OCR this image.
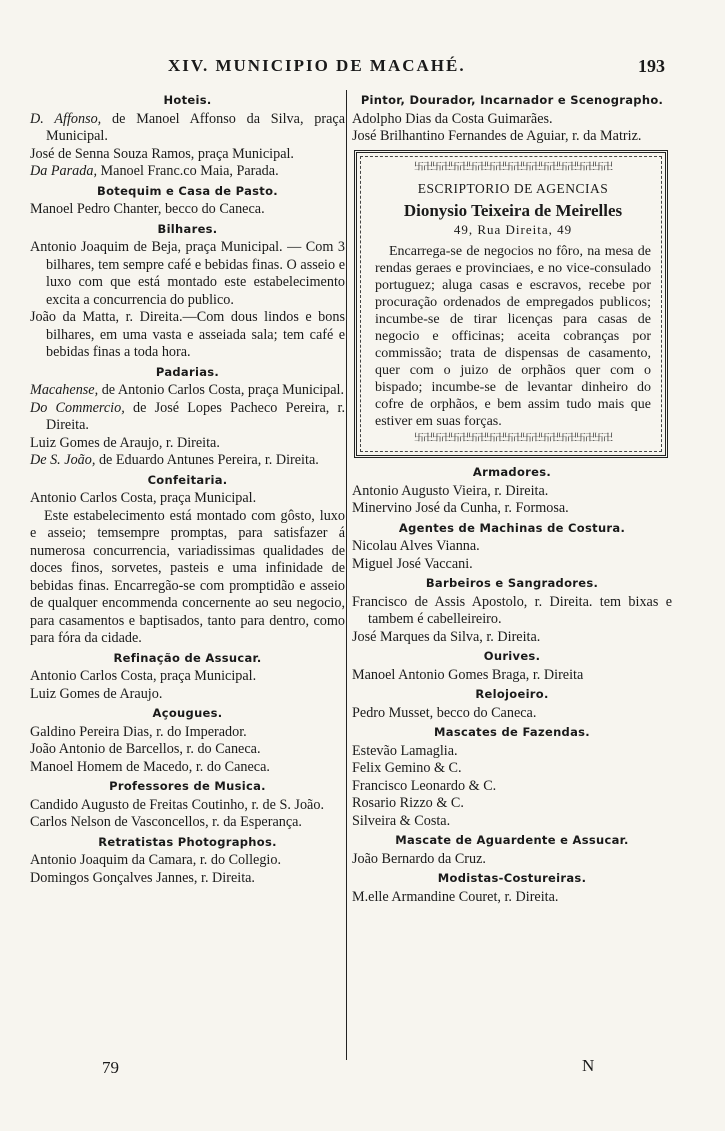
XIV. MUNICIPIO DE MACAHÉ.	193
Hoteis.
D. Affonso, de Manoel Affonso da Silva, praça Municipal.
José de Senna Souza Ramos, praça Municipal.
Da Parada, Manoel Franc.co Maia, Parada.
Botequim e Casa de Pasto.
Manoel Pedro Chanter, becco do Caneca.
Bilhares.
Antonio Joaquim de Beja, praça Municipal. — Com 3 bilhares, tem sempre café e bebidas finas. O asseio e luxo com que está montado este estabelecimento excita a concurrencia do publico.
João da Matta, r. Direita.—Com dous lindos e bons bilhares, em uma vasta e asseiada sala; tem café e bebidas finas a toda hora.
Padarias.
Macahense, de Antonio Carlos Costa, praça Municipal.
Do Commercio, de José Lopes Pacheco Pereira, r. Direita.
Luiz Gomes de Araujo, r. Direita.
De S. João, de Eduardo Antunes Pereira, r. Direita.
Confeitaria.
Antonio Carlos Costa, praça Municipal.
Este estabelecimento está montado com gôsto, luxo e asseio; temsempre promptas, para satisfazer á numerosa concurrencia, variadissimas qualidades de doces finos, sorvetes, pasteis e uma infinidade de bebidas finas. Encarregão-se com promptidão e asseio de qualquer encommenda concernente ao seu negocio, para casamentos e baptisados, tanto para dentro, como para fóra da cidade.
Refinação de Assucar.
Antonio Carlos Costa, praça Municipal.
Luiz Gomes de Araujo.
Açougues.
Galdino Pereira Dias, r. do Imperador.
João Antonio de Barcellos, r. do Caneca.
Manoel Homem de Macedo, r. do Caneca.
Professores de Musica.
Candido Augusto de Freitas Coutinho, r. de S. João.
Carlos Nelson de Vasconcellos, r. da Esperança.
Retratistas Photographos.
Antonio Joaquim da Camara, r. do Collegio.
Domingos Gonçalves Jannes, r. Direita.
Pintor, Dourador, Incarnador e Scenographo.
Adolpho Dias da Costa Guimarães.
José Brilhantino Fernandes de Aguiar, r. da Matriz.
卐卍卐卍卐卍卐卍卐卍卐卍卐卍卐卍卐卍卐卍卐卍
ESCRIPTORIO DE AGENCIAS
Dionysio Teixeira de Meirelles
49, Rua Direita, 49
Encarrega-se de negocios no fôro, na mesa de rendas geraes e provinciaes, e no vice-consulado portuguez; aluga casas e escravos, recebe por procuração ordenados de empregados publicos; incumbe-se de tirar licenças para casas de negocio e officinas; aceita cobranças por commissão; trata de dispensas de casamento, quer com o juizo de orphãos quer com o bispado; incumbe-se de levantar dinheiro do cofre de orphãos, e bem assim tudo mais que estiver em suas forças.
卐卍卐卍卐卍卐卍卐卍卐卍卐卍卐卍卐卍卐卍卐卍
Armadores.
Antonio Augusto Vieira, r. Direita.
Minervino José da Cunha, r. Formosa.
Agentes de Machinas de Costura.
Nicolau Alves Vianna.
Miguel José Vaccani.
Barbeiros e Sangradores.
Francisco de Assis Apostolo, r. Direita. tem bixas e tambem é cabelleireiro.
José Marques da Silva, r. Direita.
Ourives.
Manoel Antonio Gomes Braga, r. Direita
Relojoeiro.
Pedro Musset, becco do Caneca.
Mascates de Fazendas.
Estevão Lamaglia.
Felix Gemino & C.
Francisco Leonardo & C.
Rosario Rizzo & C.
Silveira & Costa.
Mascate de Aguardente e Assucar.
João Bernardo da Cruz.
Modistas-Costureiras.
M.elle Armandine Couret, r. Direita.
79	N
